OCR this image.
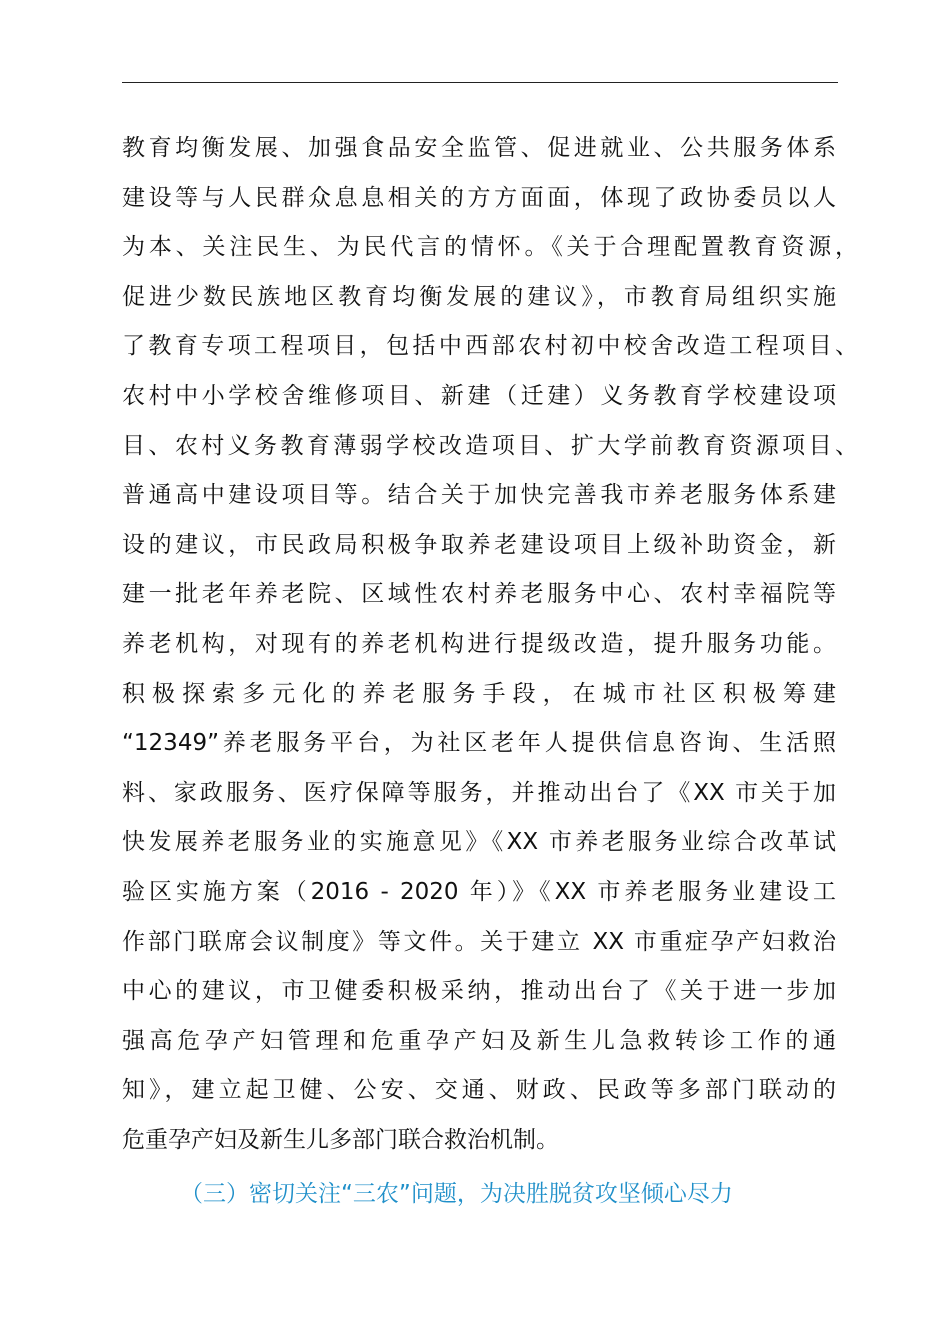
教育均衡发展、加强食品安全监管、促进就业、公共服务体系
建设等与人民群众息息相关的方方面面，体现了政协委员以人
为本、关注民生、为民代言的情怀。《关于合理配置教育资源，
促进少数民族地区教育均衡发展的建议》，市教育局组织实施
了教育专项工程项目，包括中西部农村初中校舍改造工程项目、
农村中小学校舍维修项目、新建（迁建）义务教育学校建设项
目、农村义务教育薄弱学校改造项目、扩大学前教育资源项目、
普通高中建设项目等。结合关于加快完善我市养老服务体系建
设的建议，市民政局积极争取养老建设项目上级补助资金，新
建一批老年养老院、区域性农村养老服务中心、农村幸福院等
养老机构，对现有的养老机构进行提级改造，提升服务功能。
积极探索多元化的养老服务手段，在城市社区积极筹建
“12349”养老服务平台，为社区老年人提供信息咨询、生活照
料、家政服务、医疗保障等服务，并推动出台了《XX 市关于加
快发展养老服务业的实施意见》《XX 市养老服务业综合改革试
验区实施方案（2016 - 2020 年）》《XX 市养老服务业建设工
作部门联席会议制度》等文件。关于建立 XX 市重症孕产妇救治
中心的建议，市卫健委积极采纳，推动出台了《关于进一步加
强高危孕产妇管理和危重孕产妇及新生儿急救转诊工作的通
知》，建立起卫健、公安、交通、财政、民政等多部门联动的
危重孕产妇及新生儿多部门联合救治机制。
（三）密切关注“三农”问题，为决胜脱贫攻坚倾心尽力
